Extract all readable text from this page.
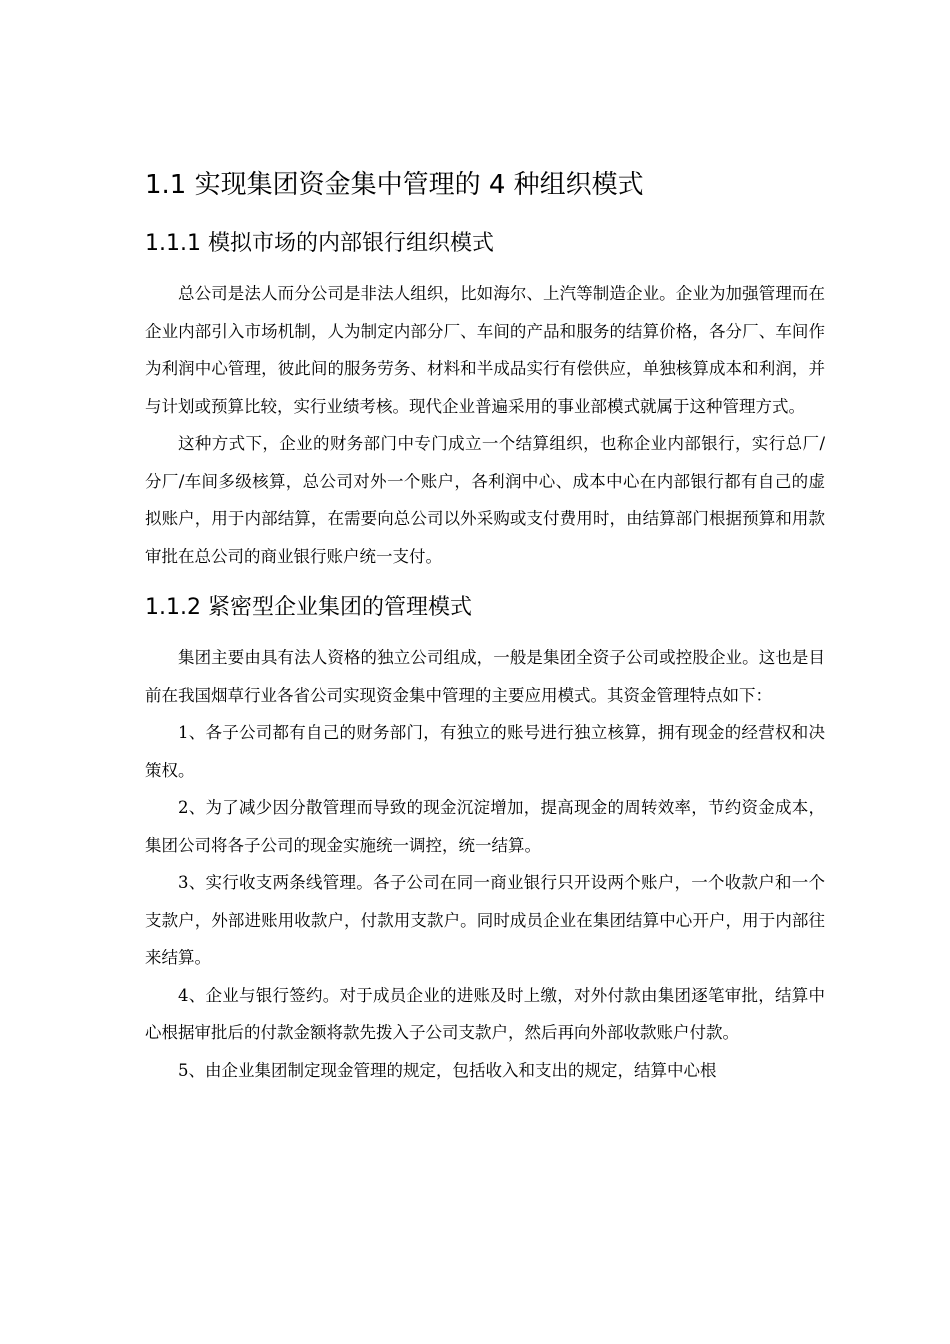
1.1 实现集团资金集中管理的 4 种组织模式
1.1.1 模拟市场的内部银行组织模式

总公司是法人而分公司是非法人组织，比如海尔、上汽等制造企业。企业为加强管理而在企业内部引入市场机制，人为制定内部分厂、车间的产品和服务的结算价格，各分厂、车间作为利润中心管理，彼此间的服务劳务、材料和半成品实行有偿供应，单独核算成本和利润，并与计划或预算比较，实行业绩考核。现代企业普遍采用的事业部模式就属于这种管理方式。

这种方式下，企业的财务部门中专门成立一个结算组织，也称企业内部银行，实行总厂/分厂/车间多级核算，总公司对外一个账户，各利润中心、成本中心在内部银行都有自己的虚拟账户，用于内部结算，在需要向总公司以外采购或支付费用时，由结算部门根据预算和用款审批在总公司的商业银行账户统一支付。

1.1.2 紧密型企业集团的管理模式

集团主要由具有法人资格的独立公司组成，一般是集团全资子公司或控股企业。这也是目前在我国烟草行业各省公司实现资金集中管理的主要应用模式。其资金管理特点如下：

1、各子公司都有自己的财务部门，有独立的账号进行独立核算，拥有现金的经营权和决策权。

2、为了减少因分散管理而导致的现金沉淀增加，提高现金的周转效率，节约资金成本，集团公司将各子公司的现金实施统一调控，统一结算。

3、实行收支两条线管理。各子公司在同一商业银行只开设两个账户，一个收款户和一个支款户，外部进账用收款户，付款用支款户。同时成员企业在集团结算中心开户，用于内部往来结算。

4、企业与银行签约。对于成员企业的进账及时上缴，对外付款由集团逐笔审批，结算中心根据审批后的付款金额将款先拨入子公司支款户，然后再向外部收款账户付款。

5、由企业集团制定现金管理的规定，包括收入和支出的规定，结算中心根
